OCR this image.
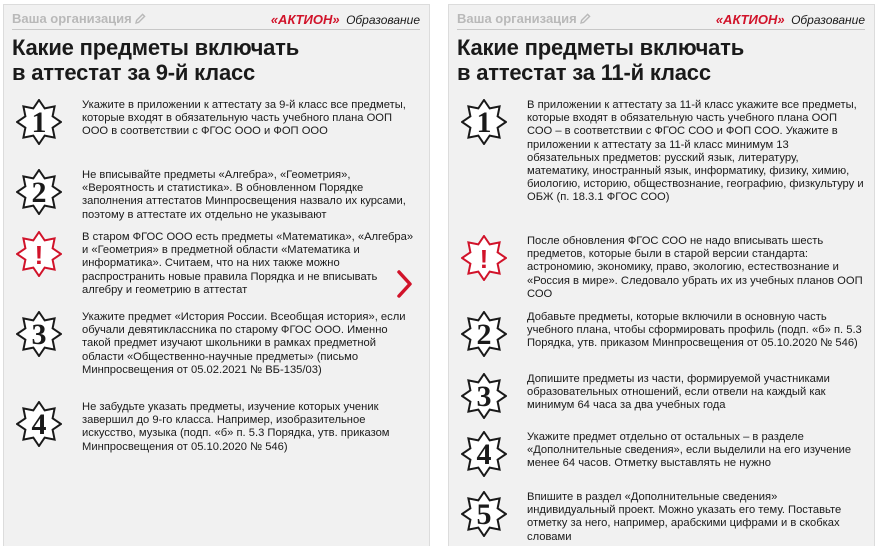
Ваша организация	«АКТИОН» Образование
Какие предметы включать
в аттестат за 9-й класс
1
Укажите в приложении к аттестату за 9-й класс все предметы, которые входят в обязательную часть учебного плана ООП ООО в соответствии с ФГОС ООО и ФОП ООО
2
Не вписывайте предметы «Алгебра», «Геометрия», «Вероятность и статистика». В обновленном Порядке заполнения аттестатов Минпросвещения назвало их курсами, поэтому в аттестате их отдельно не указывают
!
В старом ФГОС ООО есть предметы «Математика», «Алгебра» и «Геометрия» в предметной области «Математика и информатика». Считаем, что на них также можно распространить новые правила Порядка и не вписывать алгебру и геометрию в аттестат
3
Укажите предмет «История России. Всеобщая история», если обучали девятиклассника по старому ФГОС ООО. Именно такой предмет изучают школьники в рамках предметной области «Общественно-научные предметы» (письмо Минпросвещения от 05.02.2021 № ВБ-135/03)
4
Не забудьте указать предметы, изучение которых ученик завершил до 9-го класса. Например, изобразительное искусство, музыка (подп. «б» п. 5.3 Порядка, утв. приказом Минпросвещения от 05.10.2020 № 546)
Ваша организация	«АКТИОН» Образование
Какие предметы включать
в аттестат за 11-й класс
1
В приложении к аттестату за 11-й класс укажите все предметы, которые входят в обязательную часть учебного плана ООП СОО – в соответствии с ФГОС СОО и ФОП СОО. Укажите в приложении к аттестату за 11-й класс минимум 13 обязательных предметов: русский язык, литературу, математику, иностранный язык, информатику, физику, химию, биологию, историю, обществознание, географию, физкультуру и ОБЖ (п. 18.3.1 ФГОС СОО)
!
После обновления ФГОС СОО не надо вписывать шесть предметов, которые были в старой версии стандарта: астрономию, экономику, право, экологию, естествознание и «Россия в мире». Следовало убрать их из учебных планов ООП СОО
2
Добавьте предметы, которые включили в основную часть учебного плана, чтобы сформировать профиль (подп. «б» п. 5.3 Порядка, утв. приказом Минпросвещения от 05.10.2020 № 546)
3
Допишите предметы из части, формируемой участниками образовательных отношений, если отвели на каждый как минимум 64 часа за два учебных года
4
Укажите предмет отдельно от остальных – в разделе «Дополнительные сведения», если выделили на его изучение менее 64 часов. Отметку выставлять не нужно
5
Впишите в раздел «Дополнительные сведения» индивидуальный проект. Можно указать его тему. Поставьте отметку за него, например, арабскими цифрами и в скобках словами
